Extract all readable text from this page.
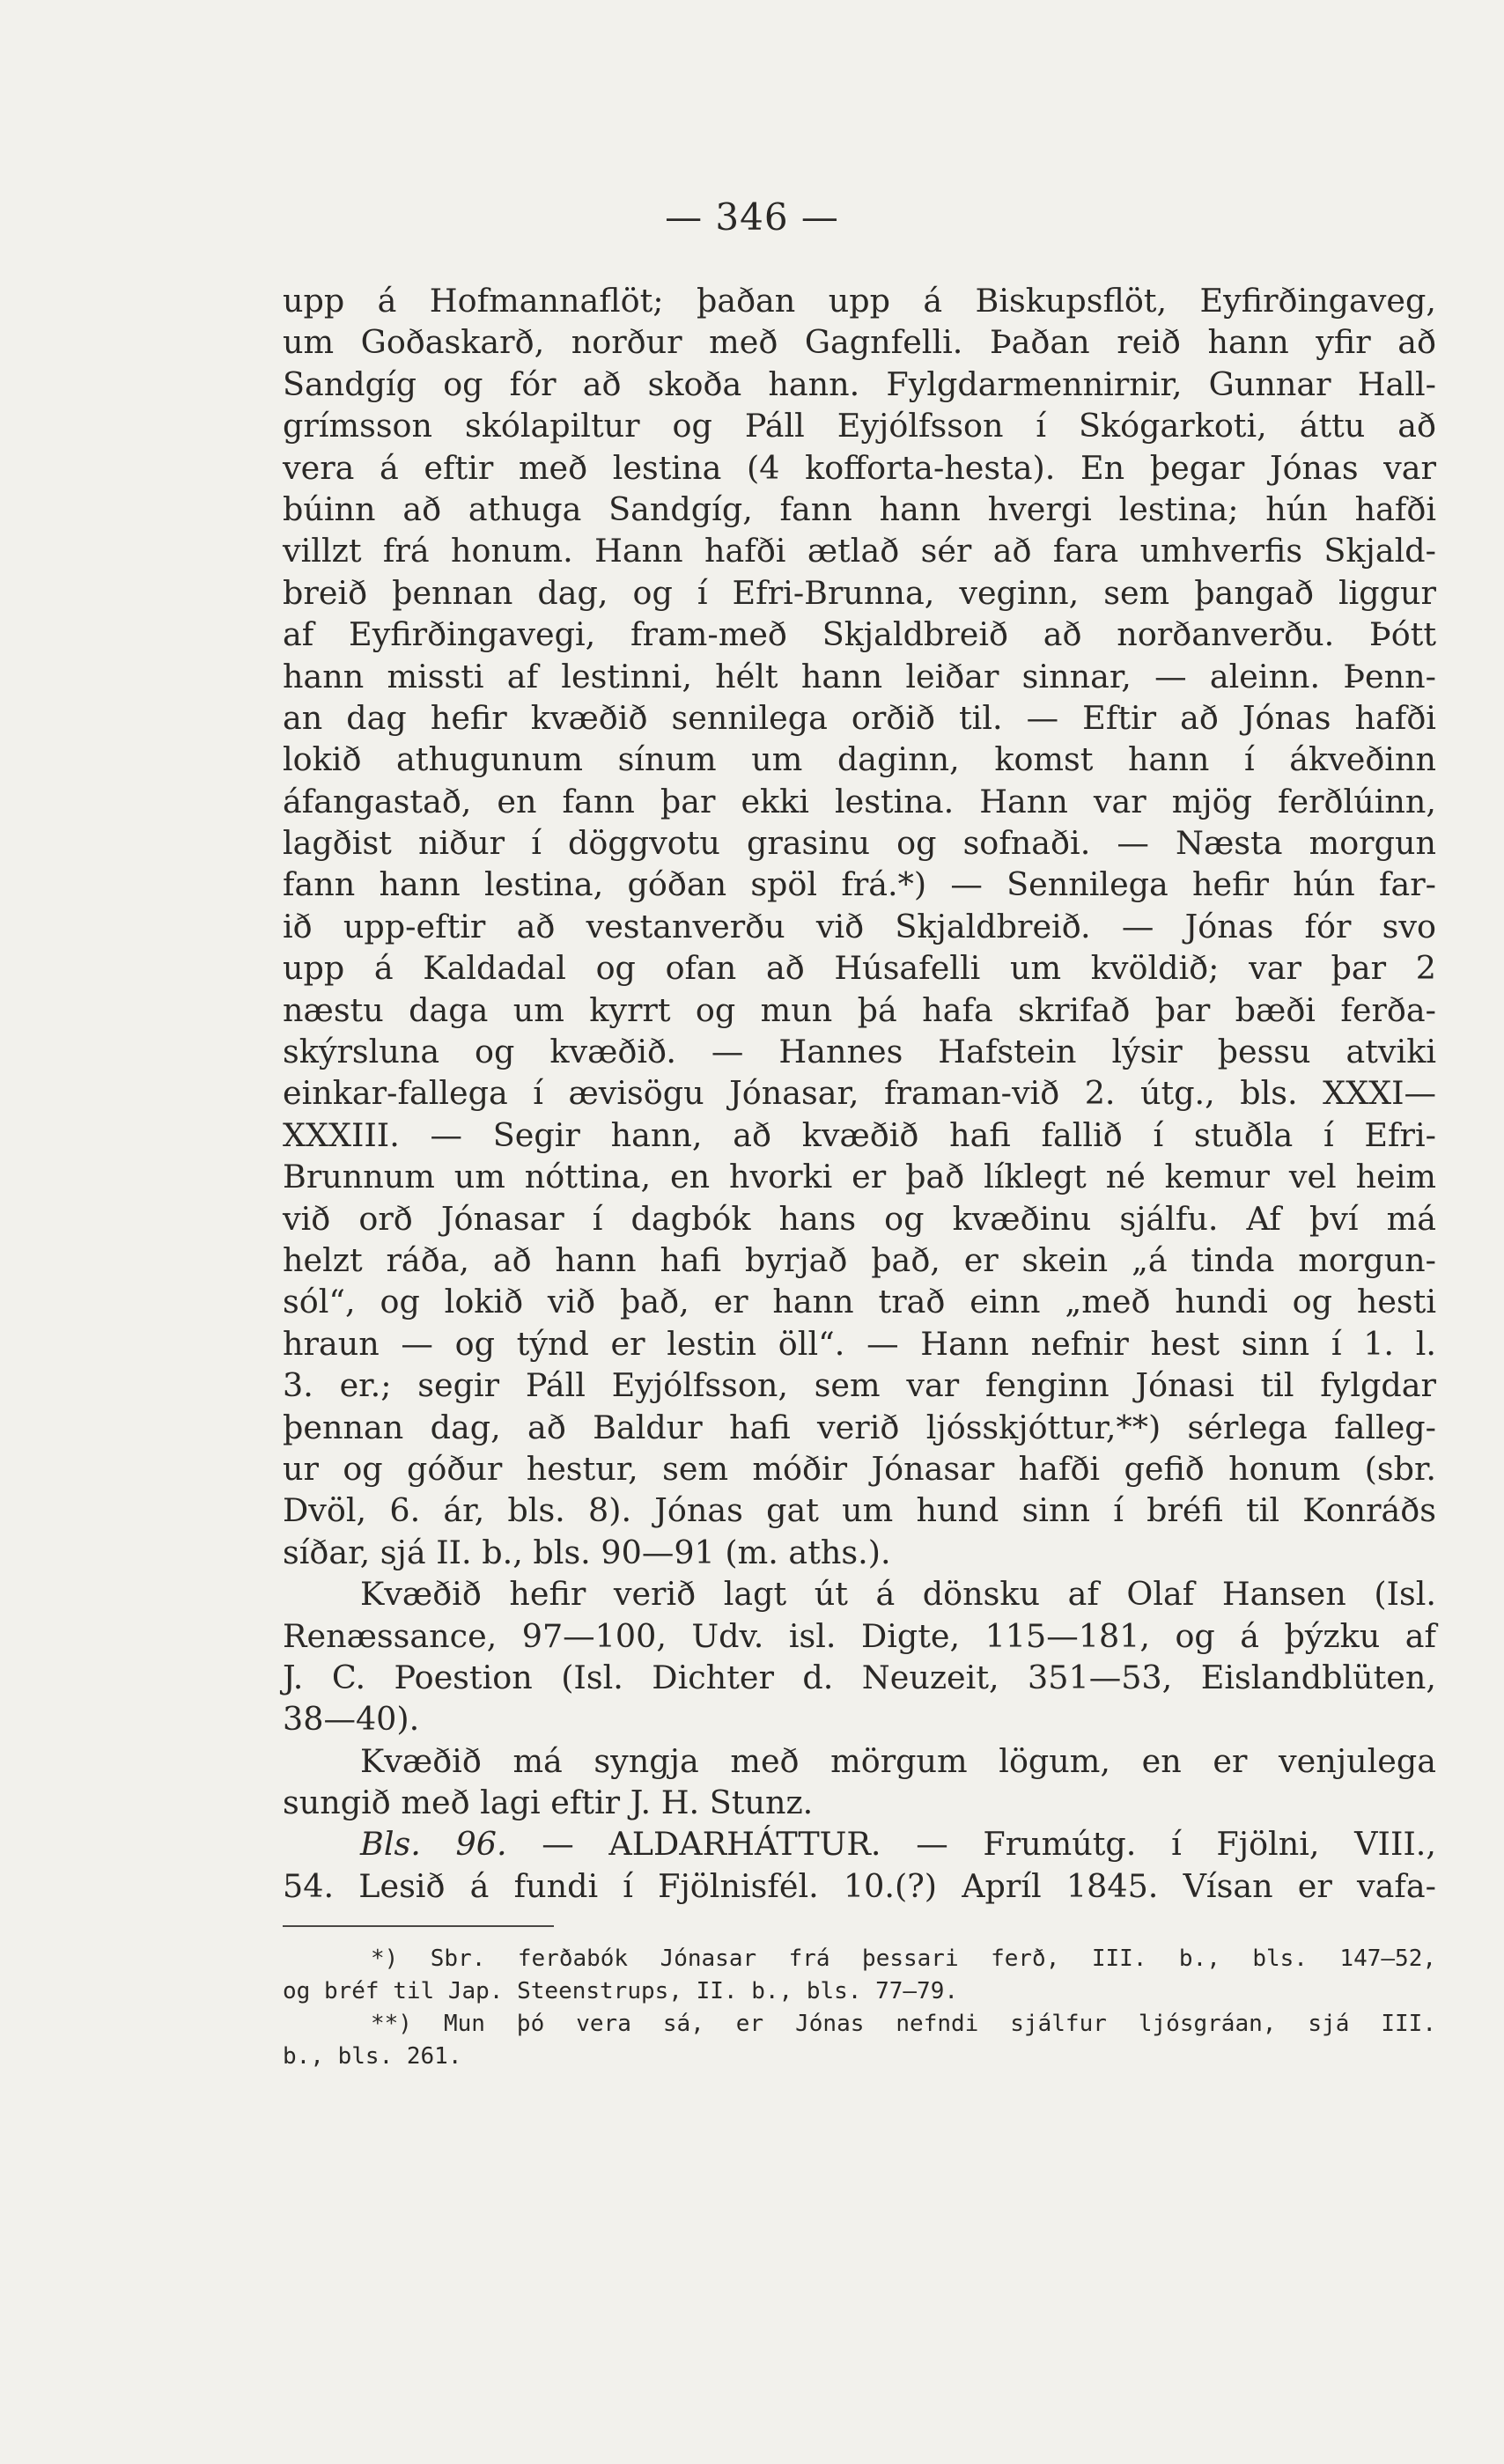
— 346 —
upp á Hofmannaflöt; þaðan upp á Biskupsflöt, Eyfirðingaveg,
um Goðaskarð, norður með Gagnfelli. Þaðan reið hann yfir að
Sandgíg og fór að skoða hann. Fylgdarmennirnir, Gunnar Hall-
grímsson skólapiltur og Páll Eyjólfsson í Skógarkoti, áttu að
vera á eftir með lestina (4 kofforta-hesta). En þegar Jónas var
búinn að athuga Sandgíg, fann hann hvergi lestina; hún hafði
villzt frá honum. Hann hafði ætlað sér að fara umhverfis Skjald-
breið þennan dag, og í Efri-Brunna, veginn, sem þangað liggur
af Eyfirðingavegi, fram-með Skjaldbreið að norðanverðu. Þótt
hann missti af lestinni, hélt hann leiðar sinnar, — aleinn. Þenn-
an dag hefir kvæðið sennilega orðið til. — Eftir að Jónas hafði
lokið athugunum sínum um daginn, komst hann í ákveðinn
áfangastað, en fann þar ekki lestina. Hann var mjög ferðlúinn,
lagðist niður í döggvotu grasinu og sofnaði. — Næsta morgun
fann hann lestina, góðan spöl frá.*) — Sennilega hefir hún far-
ið upp-eftir að vestanverðu við Skjaldbreið. — Jónas fór svo
upp á Kaldadal og ofan að Húsafelli um kvöldið; var þar 2
næstu daga um kyrrt og mun þá hafa skrifað þar bæði ferða-
skýrsluna og kvæðið. — Hannes Hafstein lýsir þessu atviki
einkar-fallega í ævisögu Jónasar, framan-við 2. útg., bls. XXXI—
XXXIII. — Segir hann, að kvæðið hafi fallið í stuðla í Efri-
Brunnum um nóttina, en hvorki er það líklegt né kemur vel heim
við orð Jónasar í dagbók hans og kvæðinu sjálfu. Af því má
helzt ráða, að hann hafi byrjað það, er skein „á tinda morgun-
sól“, og lokið við það, er hann trað einn „með hundi og hesti
hraun — og týnd er lestin öll“. — Hann nefnir hest sinn í 1. l.
3. er.; segir Páll Eyjólfsson, sem var fenginn Jónasi til fylgdar
þennan dag, að Baldur hafi verið ljósskjóttur,**) sérlega falleg-
ur og góður hestur, sem móðir Jónasar hafði gefið honum (sbr.
Dvöl, 6. ár, bls. 8). Jónas gat um hund sinn í bréfi til Konráðs
síðar, sjá II. b., bls. 90—91 (m. aths.).
Kvæðið hefir verið lagt út á dönsku af Olaf Hansen (Isl.
Renæssance, 97—100, Udv. isl. Digte, 115—181, og á þýzku af
J. C. Poestion (Isl. Dichter d. Neuzeit, 351—53, Eislandblüten,
38—40).
Kvæðið má syngja með mörgum lögum, en er venjulega
sungið með lagi eftir J. H. Stunz.
Bls. 96. — ALDARHÁTTUR. — Frumútg. í Fjölni, VIII.,
54. Lesið á fundi í Fjölnisfél. 10.(?) Apríl 1845. Vísan er vafa-
*) Sbr. ferðabók Jónasar frá þessari ferð, III. b., bls. 147—52,
og bréf til Jap. Steenstrups, II. b., bls. 77—79.
**) Mun þó vera sá, er Jónas nefndi sjálfur ljósgráan, sjá III.
b., bls. 261.
